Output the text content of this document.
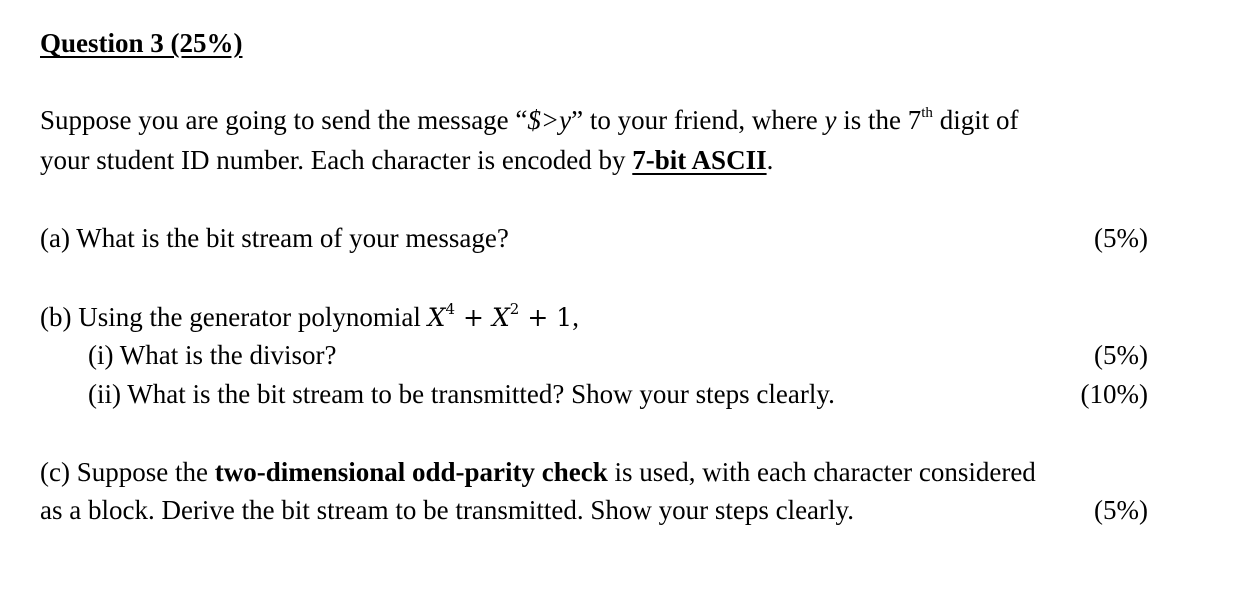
Question 3 (25%)
Suppose you are going to send the message “$>y” to your friend, where y is the 7th digit of
your student ID number. Each character is encoded by 7-bit ASCII.
(a) What is the bit stream of your message?	(5%)
(b) Using the generator polynomial $X^4 + X^2 + 1$,
(i) What is the divisor?	(5%)
(ii) What is the bit stream to be transmitted? Show your steps clearly.	(10%)
(c) Suppose the two-dimensional odd-parity check is used, with each character considered
as a block. Derive the bit stream to be transmitted. Show your steps clearly.	(5%)
